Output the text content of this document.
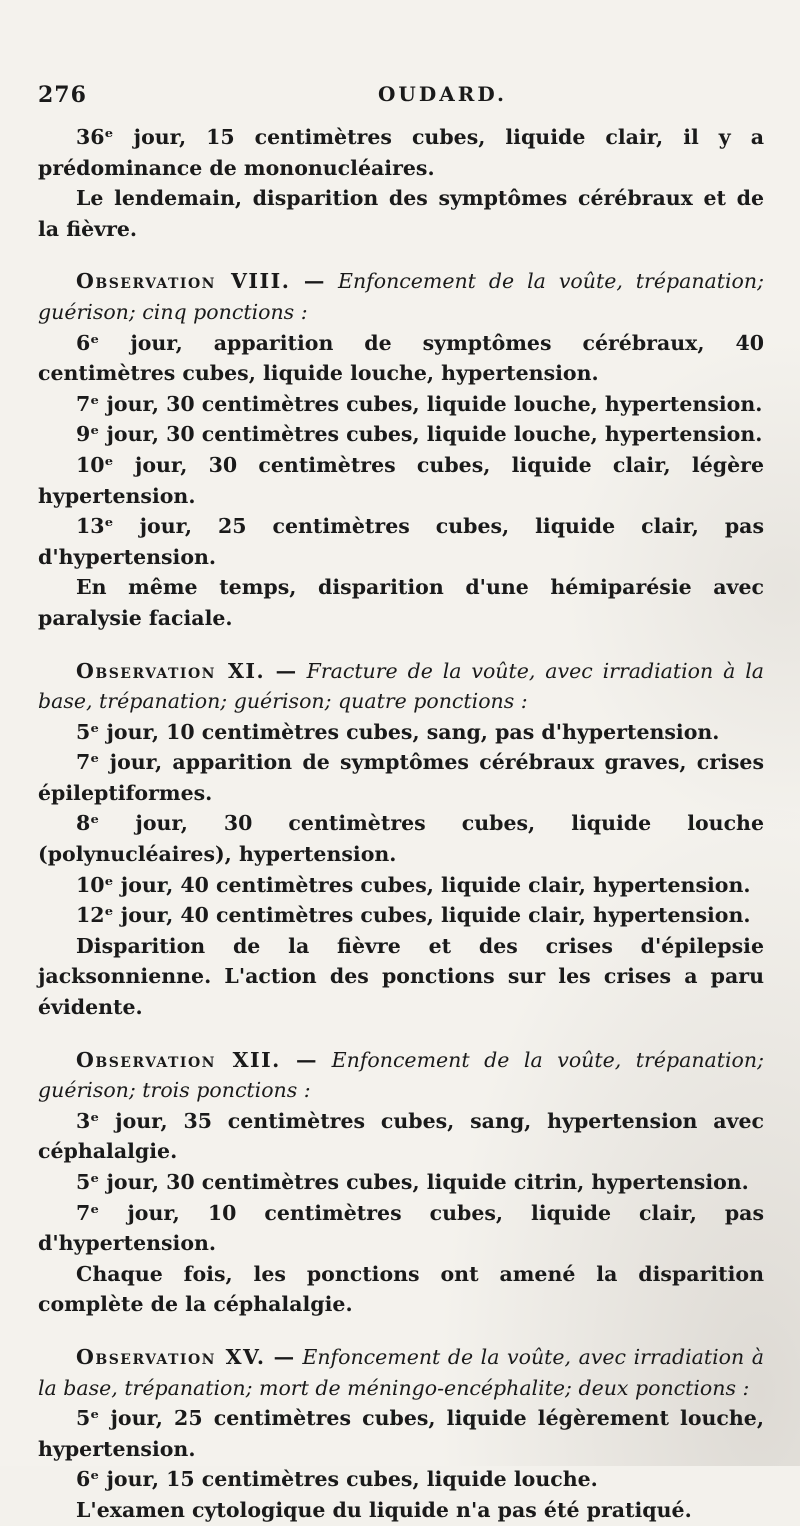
276	OUDARD.

36ᵉ jour, 15 centimètres cubes, liquide clair, il y a prédominance de mononucléaires.

Le lendemain, disparition des symptômes cérébraux et de la fièvre.

Observation VIII. — Enfoncement de la voûte, trépanation; guérison; cinq ponctions :

6ᵉ jour, apparition de symptômes cérébraux, 40 centimètres cubes, liquide louche, hypertension.

7ᵉ jour, 30 centimètres cubes, liquide louche, hypertension.

9ᵉ jour, 30 centimètres cubes, liquide louche, hypertension.

10ᵉ jour, 30 centimètres cubes, liquide clair, légère hypertension.

13ᵉ jour, 25 centimètres cubes, liquide clair, pas d'hypertension.

En même temps, disparition d'une hémiparésie avec paralysie faciale.

Observation XI. — Fracture de la voûte, avec irradiation à la base, trépanation; guérison; quatre ponctions :

5ᵉ jour, 10 centimètres cubes, sang, pas d'hypertension.

7ᵉ jour, apparition de symptômes cérébraux graves, crises épileptiformes.

8ᵉ jour, 30 centimètres cubes, liquide louche (polynucléaires), hypertension.

10ᵉ jour, 40 centimètres cubes, liquide clair, hypertension.

12ᵉ jour, 40 centimètres cubes, liquide clair, hypertension.

Disparition de la fièvre et des crises d'épilepsie jacksonnienne. L'action des ponctions sur les crises a paru évidente.

Observation XII. — Enfoncement de la voûte, trépanation; guérison; trois ponctions :

3ᵉ jour, 35 centimètres cubes, sang, hypertension avec céphalalgie.

5ᵉ jour, 30 centimètres cubes, liquide citrin, hypertension.

7ᵉ jour, 10 centimètres cubes, liquide clair, pas d'hypertension.

Chaque fois, les ponctions ont amené la disparition complète de la céphalalgie.

Observation XV. — Enfoncement de la voûte, avec irradiation à la base, trépanation; mort de méningo-encéphalite; deux ponctions :

5ᵉ jour, 25 centimètres cubes, liquide légèrement louche, hypertension.

6ᵉ jour, 15 centimètres cubes, liquide louche.

L'examen cytologique du liquide n'a pas été pratiqué.
